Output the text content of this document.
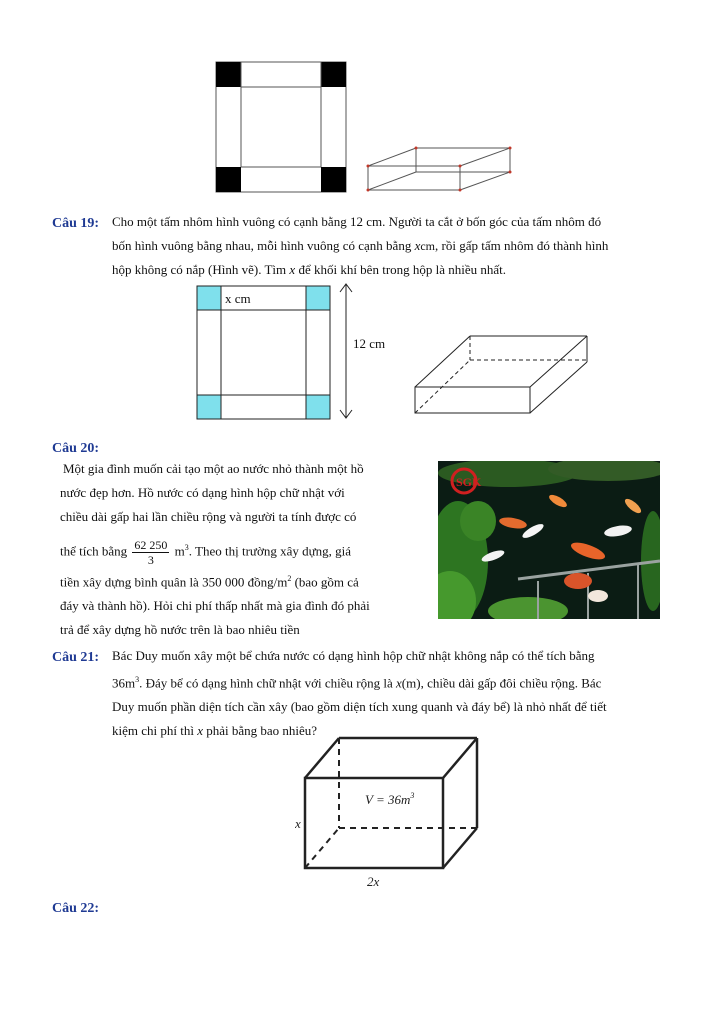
Câu 19: Cho một tấm nhôm hình vuông có cạnh bằng 12 cm. Người ta cắt ở bốn góc của tấm nhôm đó
bốn hình vuông bằng nhau, mỗi hình vuông có cạnh bằng xcm, rồi gấp tấm nhôm đó thành hình
hộp không có nắp (Hình vẽ). Tìm x để khối khí bên trong hộp là nhiều nhất.
x cm
12 cm
Câu 20:
Một gia đình muốn cải tạo một ao nước nhỏ thành một hồ
nước đẹp hơn. Hồ nước có dạng hình hộp chữ nhật với
chiều dài gấp hai lần chiều rộng và người ta tính được có
thể tích bằng $\frac{62 250}{3} m^3$. Theo thị trường xây dựng, giá
tiền xây dựng bình quân là 350 000 đồng/$m^2$ (bao gồm cả
đáy và thành hồ). Hỏi chi phí thấp nhất mà gia đình đó phải
trả để xây dựng hồ nước trên là bao nhiêu tiền
SGK
Câu 21: Bác Duy muốn xây một bể chứa nước có dạng hình hộp chữ nhật không nắp có thể tích bằng
$36m^3$. Đáy bể có dạng hình chữ nhật với chiều rộng là x(m), chiều dài gấp đôi chiều rộng. Bác
Duy muốn phần diện tích cần xây (bao gồm diện tích xung quanh và đáy bể) là nhỏ nhất để tiết
kiệm chi phí thì x phải bằng bao nhiêu?
$V = 36m^3$
x
2x
Câu 22:
